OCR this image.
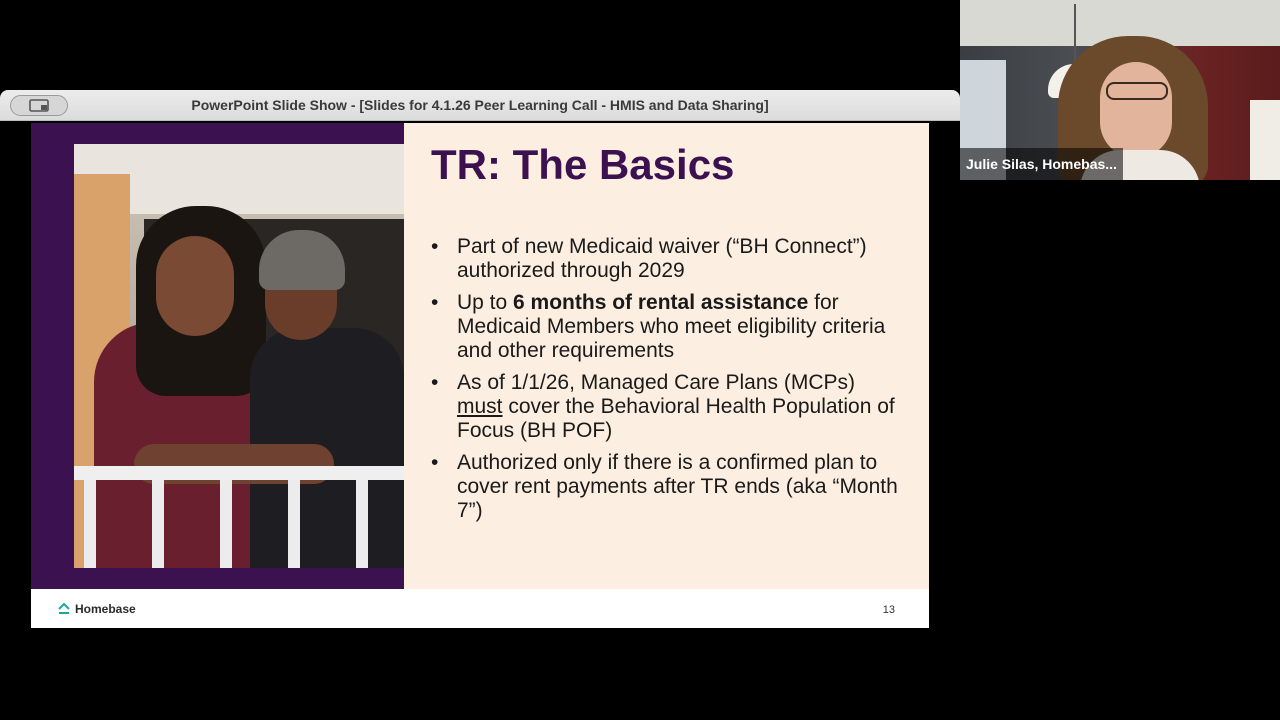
PowerPoint Slide Show - [Slides for 4.1.26 Peer Learning Call - HMIS and Data Sharing]
TR: The Basics
• Part of new Medicaid waiver (“BH Connect”) authorized through 2029
• Up to 6 months of rental assistance for Medicaid Members who meet eligibility criteria and other requirements
• As of 1/1/26, Managed Care Plans (MCPs) must cover the Behavioral Health Population of Focus (BH POF)
• Authorized only if there is a confirmed plan to cover rent payments after TR ends (aka “Month 7”)
Homebase	13
Julie Silas, Homebas...
